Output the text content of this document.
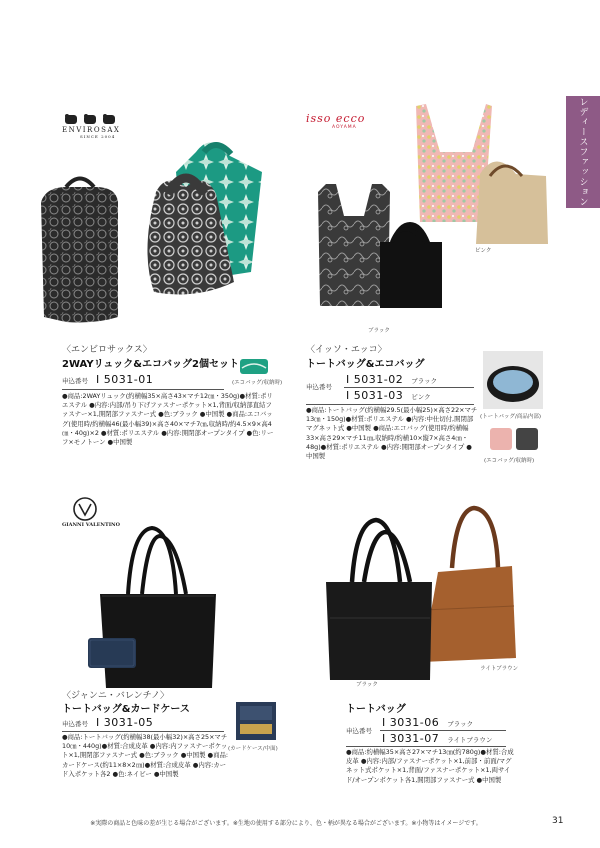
レディースファッション
ENVIROSAX
SINCE 2004
〈エンビロサックス〉
2WAYリュック&エコバッグ2個セット
(エコバッグ/収納時)
申込番号 I 5031-01
●商品:2WAYリュック(約横幅35×高さ43×マチ12㎝・350g)●材質:ポリエステル ●内容:内部/吊り下げファスナーポケット×1,背面/収納部直結ファスナー×1,開閉部ファスナー式 ●色:ブラック ●中国製 ●商品:エコバッグ(使用時/約横幅46(最小幅39)×高さ40×マチ7㎝,収納時/約4.5×9×高4㎝・40g)×2 ●材質:ポリエステル ●内容:開閉部オープンタイプ ●色:リーフ×モノトーン ●中国製
isso ecco
AOYAMA
ピンク
ブラック
〈イッソ・エッコ〉
トートバッグ&エコバッグ
申込番号
I 5031-02 ブラック
I 5031-03 ピンク
●商品:トートバッグ(約横幅29.5(最小幅25)×高さ22×マチ13㎝・150g)●材質:ポリエステル ●内容:中仕切付,開閉部マグネット式 ●中国製 ●商品:エコバッグ(使用時/約横幅33×高さ29×マチ11㎝,収納時/約横10×縦7×高さ4㎝・48g)●材質:ポリエステル ●内容:開閉部オープンタイプ ●中国製
(トートバッグ/商品内部)
(エコバッグ/収納時)
GIANNI VALENTINO
〈ジャンニ・バレンチノ〉
トートバッグ&カードケース
申込番号 I 3031-05
●商品:トートバッグ(約横幅38(最小幅32)×高さ25×マチ10㎝・440g)●材質:合成皮革 ●内容:内ファスナーポケット×1,開閉部ファスナー式 ●色:ブラック ●中国製 ●商品:カードケース(約11×8×2㎝)●材質:合成皮革 ●内容:カード入ポケット各2 ●色:ネイビー ●中国製
(カードケース/中面)
ブラック
ライトブラウン
トートバッグ
申込番号
I 3031-06 ブラック
I 3031-07 ライトブラウン
●商品:約横幅35×高さ27×マチ13㎝(約780g)●材質:合成皮革 ●内容:内部/ファスナーポケット×1,前部・前面/マグネット式ポケット×1,背面/ファスナーポケット×1,両サイド/オープンポケット各1,開閉部ファスナー式 ●中国製
※実際の商品と色味の差が生じる場合がございます。※生地の使用する部分により、色・柄が異なる場合がございます。※小物等はイメージです。	31
